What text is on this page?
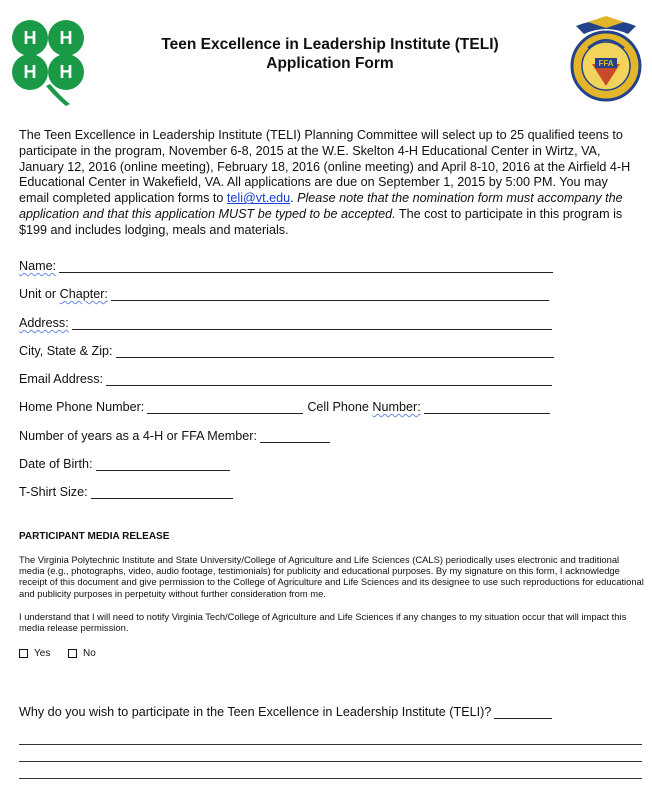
H H
H H	FFA
Teen Excellence in Leadership Institute (TELI)
Application Form

The Teen Excellence in Leadership Institute (TELI) Planning Committee will select up to 25 qualified teens to participate in the program, November 6-8, 2015 at the W.E. Skelton 4-H Educational Center in Wirtz, VA, January 12, 2016 (online meeting), February 18, 2016 (online meeting) and April 8-10, 2016 at the Airfield 4-H Educational Center in Wakefield, VA. All applications are due on September 1, 2015 by 5:00 PM. You may email completed application forms to teli@vt.edu. Please note that the nomination form must accompany the application and that this application MUST be typed to be accepted. The cost to participate in this program is $199 and includes lodging, meals and materials.

Name:
Unit or Chapter:
Address:
City, State & Zip:
Email Address:
Home Phone Number:	Cell Phone Number:
Number of years as a 4-H or FFA Member:
Date of Birth:
T-Shirt Size:
PARTICIPANT MEDIA RELEASE

The Virginia Polytechnic Institute and State University/College of Agriculture and Life Sciences (CALS) periodically uses electronic and traditional media (e.g., photographs, video, audio footage, testimonials) for publicity and educational purposes. By my signature on this form, I acknowledge receipt of this document and give permission to the College of Agriculture and Life Sciences and its designee to use such reproductions for educational and publicity purposes in perpetuity without further consideration from me.

I understand that I will need to notify Virginia Tech/College of Agriculture and Life Sciences if any changes to my situation occur that will impact this media release permission.

Yes	No
Why do you wish to participate in the Teen Excellence in Leadership Institute (TELI)?
